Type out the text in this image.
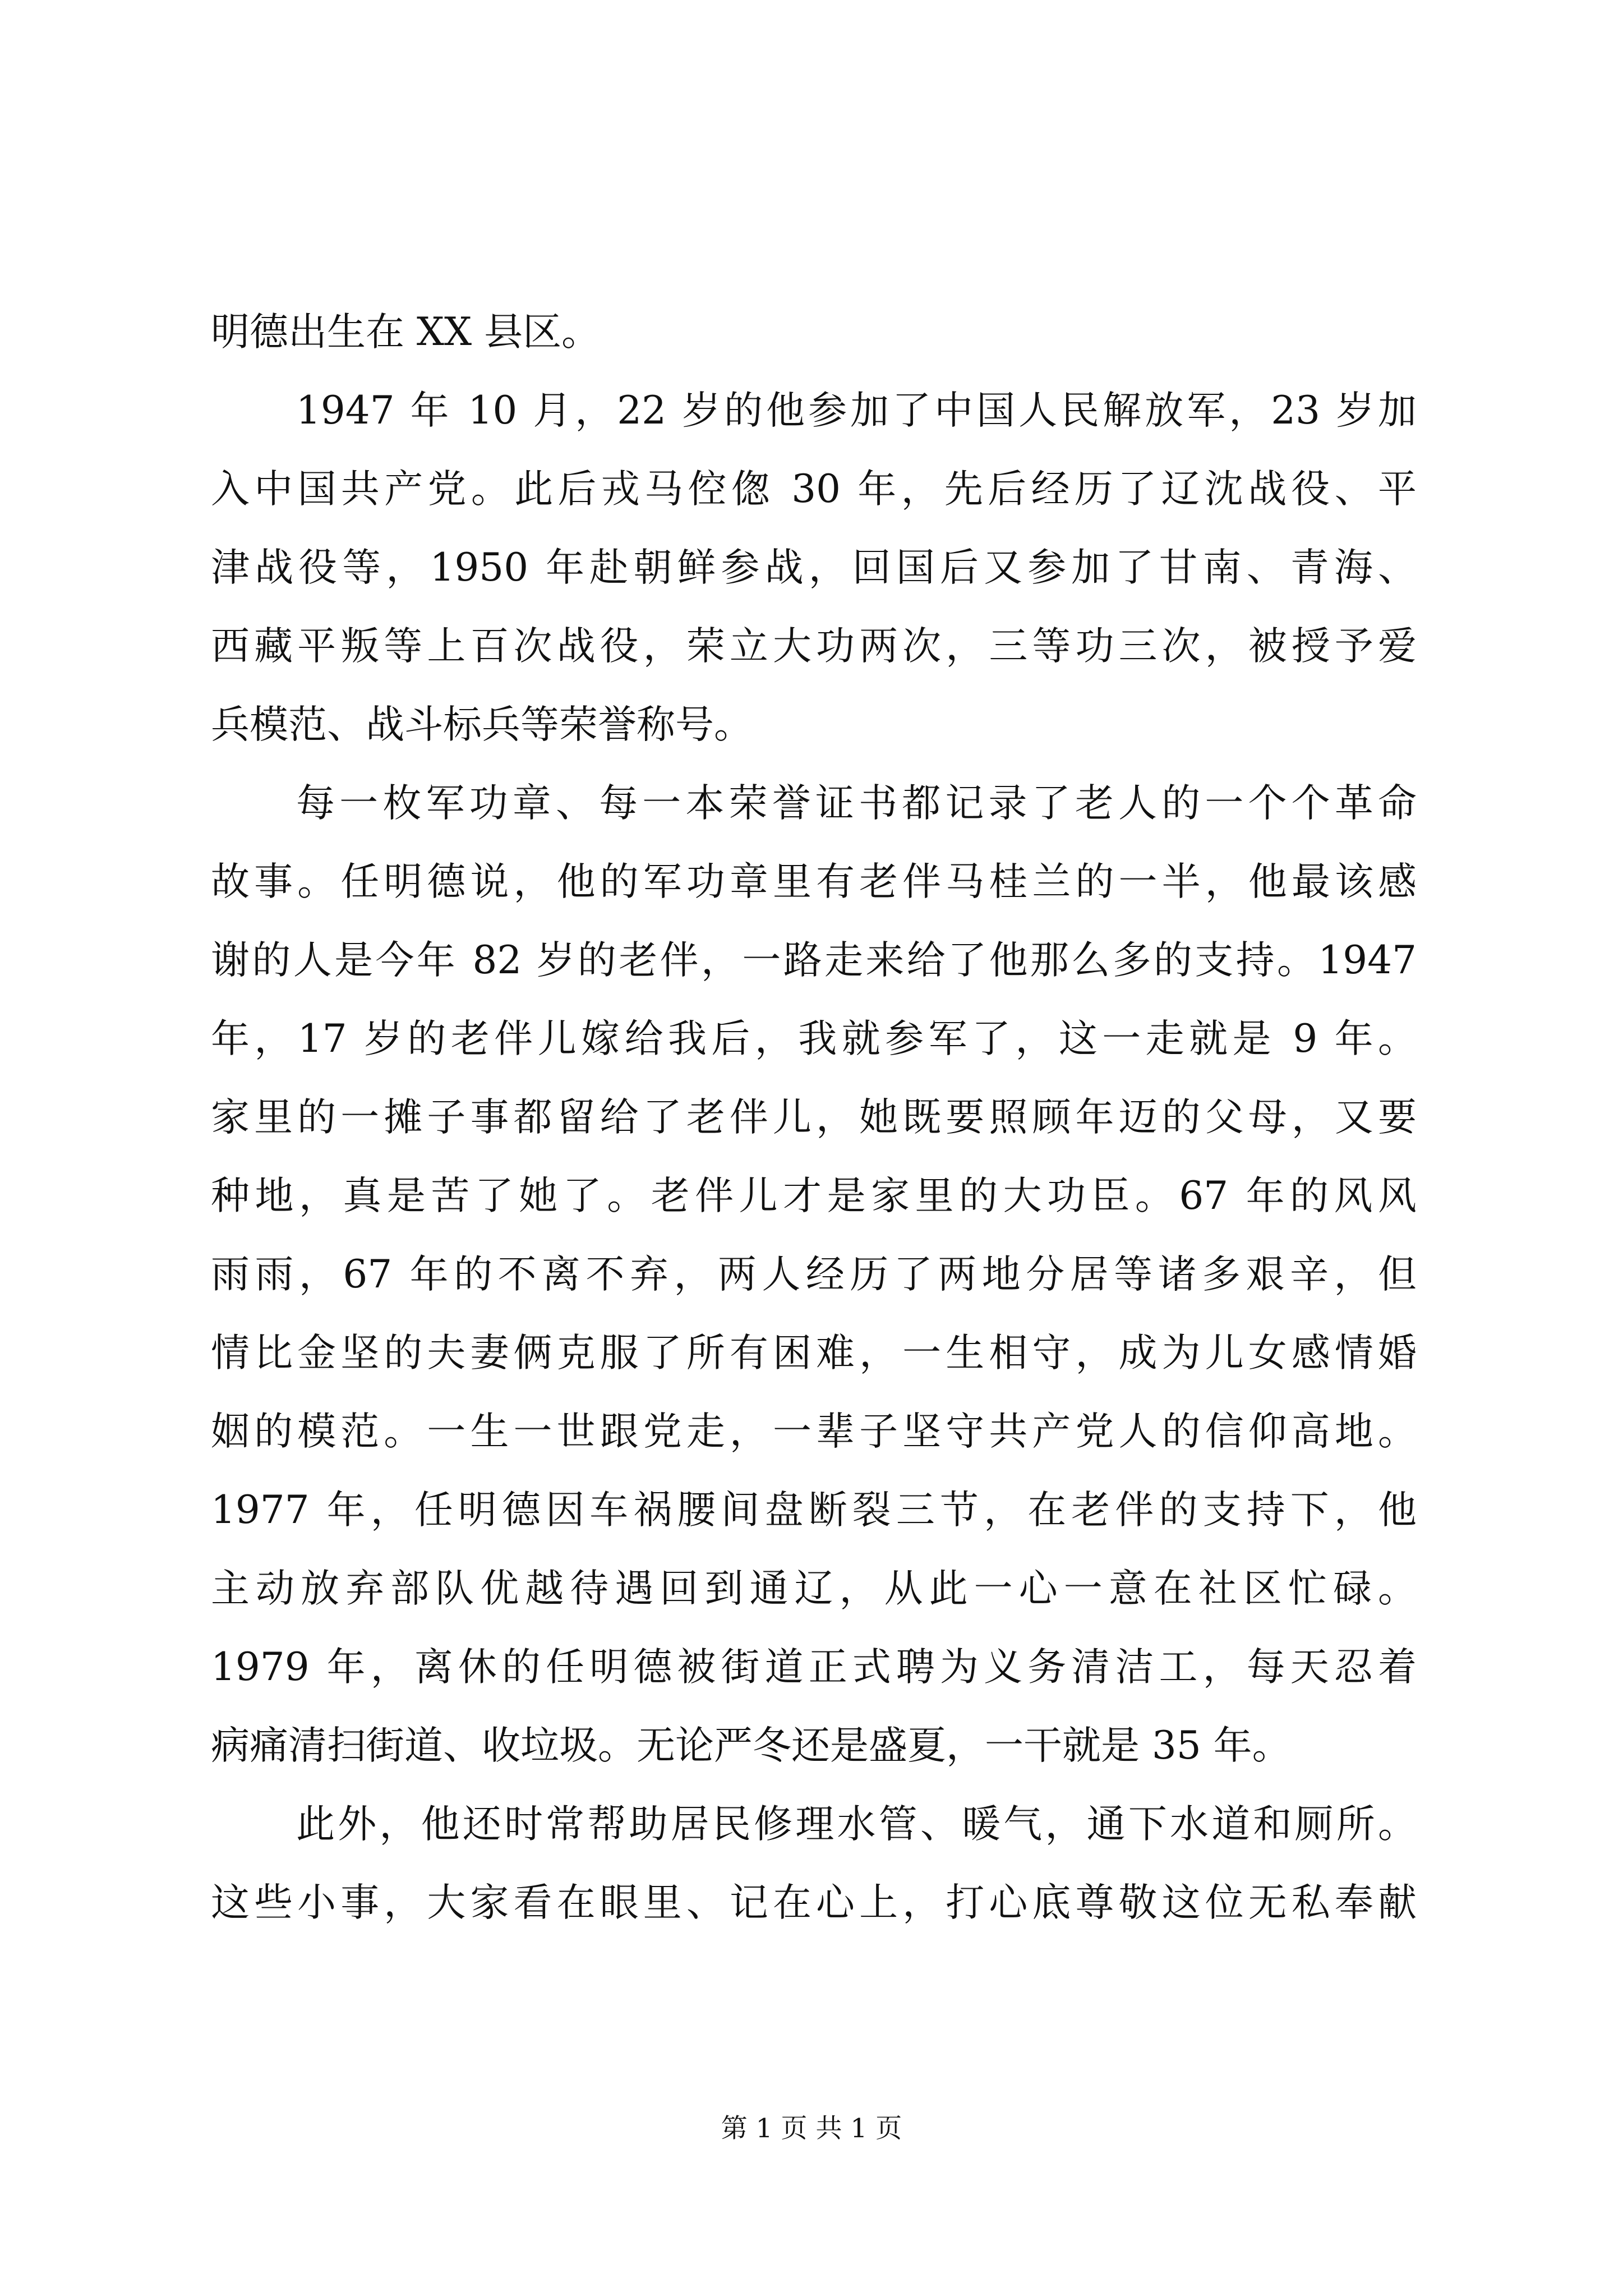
明德出生在 XX 县区。
1947 年 10 月，22 岁的他参加了中国人民解放军，23 岁加
入中国共产党。此后戎马倥偬 30 年，先后经历了辽沈战役、平
津战役等，1950 年赴朝鲜参战，回国后又参加了甘南、青海、
西藏平叛等上百次战役，荣立大功两次，三等功三次，被授予爱
兵模范、战斗标兵等荣誉称号。
每一枚军功章、每一本荣誉证书都记录了老人的一个个革命
故事。任明德说，他的军功章里有老伴马桂兰的一半，他最该感
谢的人是今年 82 岁的老伴，一路走来给了他那么多的支持。1947
年，17 岁的老伴儿嫁给我后，我就参军了，这一走就是 9 年。
家里的一摊子事都留给了老伴儿，她既要照顾年迈的父母，又要
种地，真是苦了她了。老伴儿才是家里的大功臣。67 年的风风
雨雨，67 年的不离不弃，两人经历了两地分居等诸多艰辛，但
情比金坚的夫妻俩克服了所有困难，一生相守，成为儿女感情婚
姻的模范。一生一世跟党走，一辈子坚守共产党人的信仰高地。
1977 年，任明德因车祸腰间盘断裂三节，在老伴的支持下，他
主动放弃部队优越待遇回到通辽，从此一心一意在社区忙碌。
1979 年，离休的任明德被街道正式聘为义务清洁工，每天忍着
病痛清扫街道、收垃圾。无论严冬还是盛夏，一干就是 35 年。
此外，他还时常帮助居民修理水管、暖气，通下水道和厕所。
这些小事，大家看在眼里、记在心上，打心底尊敬这位无私奉献
第 1 页 共 1 页
